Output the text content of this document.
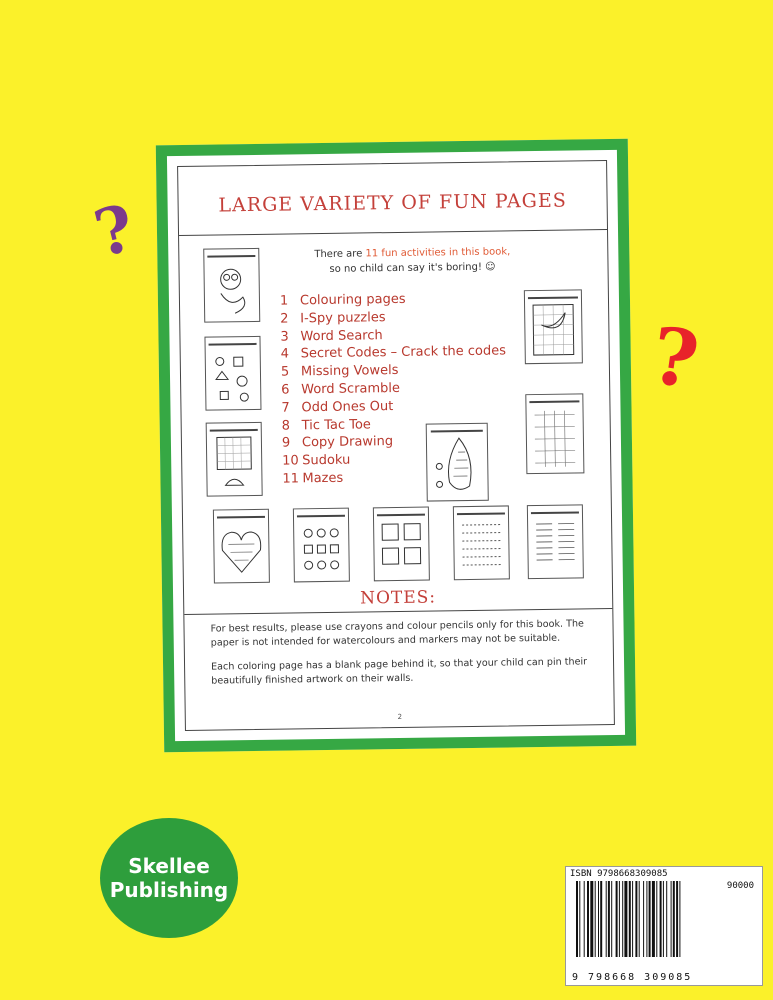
?
?
LARGE VARIETY OF FUN PAGES
There are 11 fun activities in this book,
so no child can say it's boring! ☺
1 Colouring pages
2 I-Spy puzzles
3 Word Search
4 Secret Codes – Crack the codes
5 Missing Vowels
6 Word Scramble
7 Odd Ones Out
8 Tic Tac Toe
9 Copy Drawing
10 Sudoku
11 Mazes
NOTES:

For best results, please use crayons and colour pencils only for this book. The paper is not intended for watercolours and markers may not be suitable.

Each coloring page has a blank page behind it, so that your child can pin their beautifully finished artwork on their walls.

2
Skellee
Publishing
ISBN 9798668309085
90000
9 798668 309085
